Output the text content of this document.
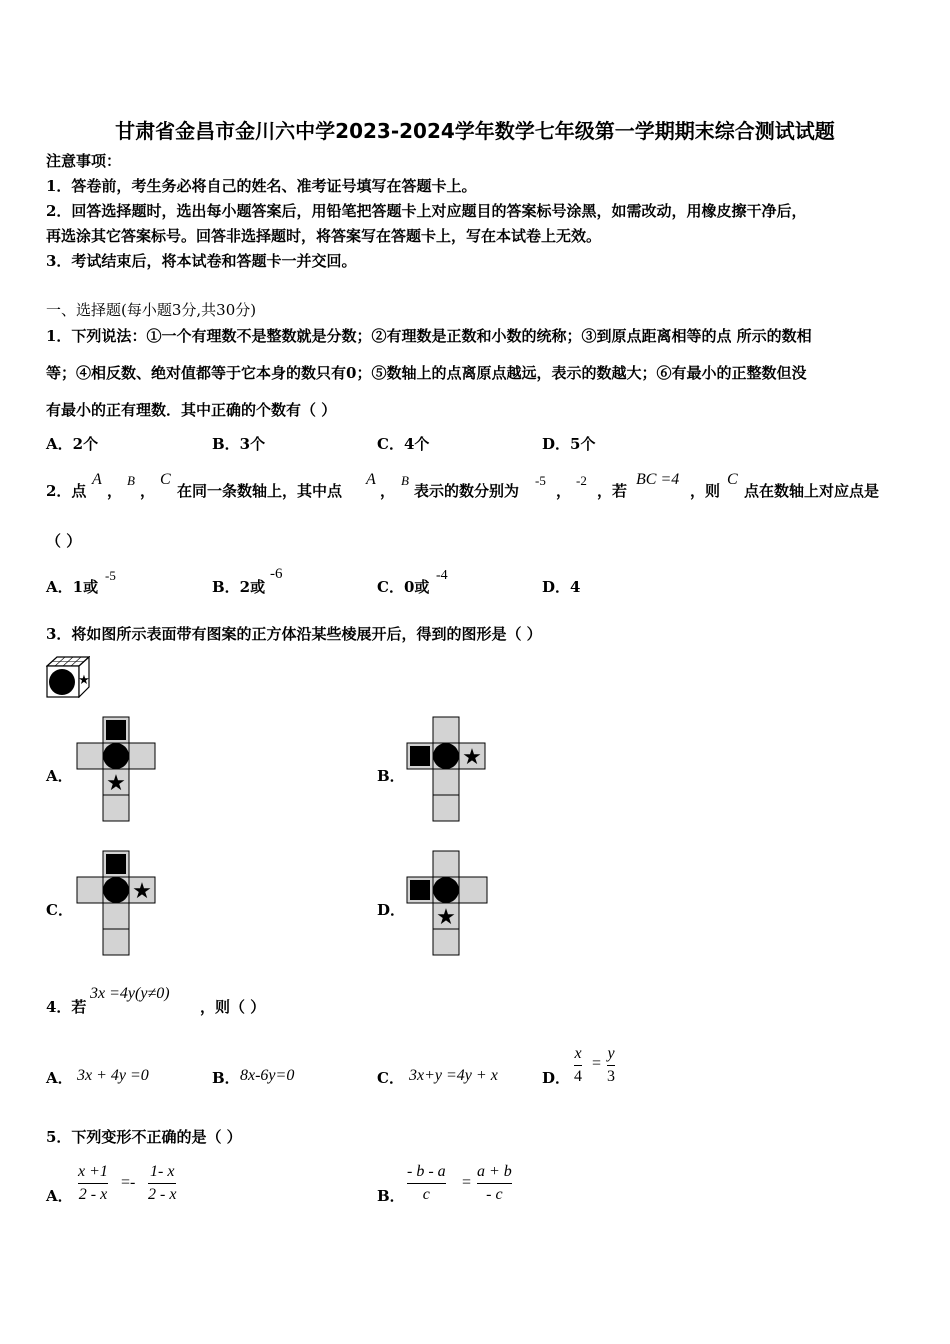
甘肃省金昌市金川六中学2023-2024学年数学七年级第一学期期末综合测试试题
注意事项：
1．答卷前，考生务必将自己的姓名、准考证号填写在答题卡上。
2．回答选择题时，选出每小题答案后，用铅笔把答题卡上对应题目的答案标号涂黑，如需改动，用橡皮擦干净后，
再选涂其它答案标号。回答非选择题时，将答案写在答题卡上，写在本试卷上无效。
3．考试结束后，将本试卷和答题卡一并交回。
一、选择题(每小题3分,共30分)
1．下列说法：①一个有理数不是整数就是分数；②有理数是正数和小数的统称；③到原点距离相等的点 所示的数相
等；④相反数、绝对值都等于它本身的数只有0；⑤数轴上的点离原点越远，表示的数越大；⑥有最小的正整数但没
有最小的正有理数．其中正确的个数有（ ）
A．2个	B．3个	C．4个	D．5个
2．点
A
，
B
，
C
在同一条数轴上，其中点
A
，
B
表示的数分别为
-5
，
-2
，若
BC =4
，则
C
点在数轴上对应点是
（ ）
A．1或
-5
B．2或
-6
C．0或
-4
D．4
3．将如图所示表面带有图案的正方体沿某些棱展开后，得到的图形是（ ）
★
A． ★	B．
★
C．
★
D． ★
4．若
3x =4y(y≠0)
，则（ ）
A． 3x + 4y =0	B． 8x-6y=0	C． 3x+y =4y + x	D．
x
4
=
y
3
5．下列变形不正确的是（ ）
A．
x +1
2 - x
=-
1- x
2 - x	B．
- b - a
c
=
a + b
- c
